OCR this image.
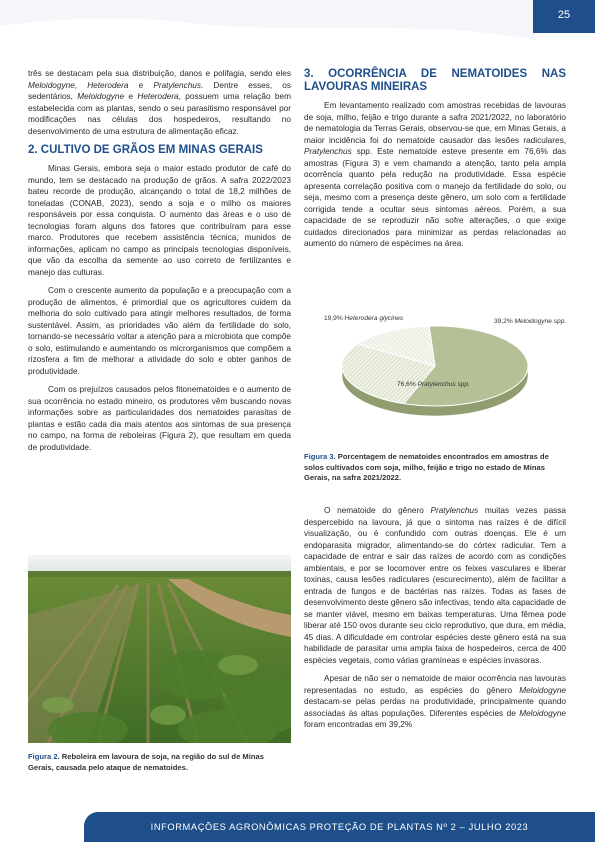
25

três se destacam pela sua distribuição, danos e polifagia, sendo eles Meloidogyne, Heterodera e Pratylenchus. Dentre esses, os sedentários, Meloidogyne e Heterodera, possuem uma relação bem estabelecida com as plantas, sendo o seu parasitismo responsável por modificações nas células dos hospedeiros, resultando no desenvolvimento de uma estrutura de alimentação eficaz.

2. CULTIVO DE GRÃOS EM MINAS GERAIS

Minas Gerais, embora seja o maior estado produtor de café do mundo, tem se destacado na produção de grãos. A safra 2022/2023 bateu recorde de produção, alcançando o total de 18,2 milhões de toneladas (CONAB, 2023), sendo a soja e o milho os maiores responsáveis por essa conquista. O aumento das áreas e o uso de tecnologias foram alguns dos fatores que contribuíram para esse marco. Produtores que recebem assistência técnica, munidos de informações, aplicam no campo as principais tecnologias disponíveis, que vão da escolha da semente ao uso correto de fertilizantes e manejo das culturas.

Com o crescente aumento da população e a preocupação com a produção de alimentos, é primordial que os agricultores cuidem da melhoria do solo cultivado para atingir melhores resultados, de forma sustentável. Assim, as prioridades vão além da fertilidade do solo, tornando-se necessário voltar a atenção para a microbiota que compõe o solo, estimulando e aumentando os microrganismos que compõem a rizosfera a fim de melhorar a atividade do solo e obter ganhos de produtividade.

Com os prejuízos causados pelos fitonematoides e o aumento de sua ocorrência no estado mineiro, os produtores vêm buscando novas informações sobre as particularidades dos nematoides parasitas de plantas e estão cada dia mais atentos aos sintomas de sua presença no campo, na forma de reboleiras (Figura 2), que resultam em queda de produtividade.

Figura 2. Reboleira em lavoura de soja, na região do sul de Minas Gerais, causada pelo ataque de nematoides.
3. OCORRÊNCIA DE NEMATOIDES NAS LAVOURAS MINEIRAS

Em levantamento realizado com amostras recebidas de lavouras de soja, milho, feijão e trigo durante a safra 2021/2022, no laboratório de nematologia da Terras Gerais, observou-se que, em Minas Gerais, a maior incidência foi do nematoide causador das lesões radiculares, Pratylenchus spp. Este nematoide esteve presente em 76,6% das amostras (Figura 3) e vem chamando a atenção, tanto pela ampla ocorrência quanto pela redução na produtividade. Essa espécie apresenta correlação positiva com o manejo da fertilidade do solo, ou seja, mesmo com a presença deste gênero, um solo com a fertilidade corrigida tende a ocultar seus sintomas aéreos. Porém, a sua capacidade de se reproduzir não sofre alterações, o que exige cuidados direcionados para minimizar as perdas relacionadas ao aumento do número de espécimes na área.

76,6% Pratylenchus spp.
39,2% Meloidogyne spp.
19,9% Heterodera glycines
Figura 3. Porcentagem de nematoides encontrados em amostras de solos cultivados com soja, milho, feijão e trigo no estado de Minas Gerais, na safra 2021/2022.

O nematoide do gênero Pratylenchus muitas vezes passa despercebido na lavoura, já que o sintoma nas raízes é de difícil visualização, ou é confundido com outras doenças. Ele é um endoparasita migrador, alimentando-se do córtex radicular. Tem a capacidade de entrar e sair das raízes de acordo com as condições ambientais, e por se locomover entre os feixes vasculares e liberar toxinas, causa lesões radiculares (escurecimento), além de facilitar a entrada de fungos e de bactérias nas raízes. Todas as fases de desenvolvimento deste gênero são infectivas, tendo alta capacidade de se manter viável, mesmo em baixas temperaturas. Uma fêmea pode liberar até 150 ovos durante seu ciclo reprodutivo, que dura, em média, 45 dias. A dificuldade em controlar espécies deste gênero está na sua habilidade de parasitar uma ampla faixa de hospedeiros, cerca de 400 espécies vegetais, como várias gramíneas e espécies invasoras.

Apesar de não ser o nematoide de maior ocorrência nas lavouras representadas no estudo, as espécies do gênero Meloidogyne destacam-se pelas perdas na produtividade, principalmente quando associadas às altas populações. Diferentes espécies de Meloidogyne foram encontradas em 39,2%

INFORMAÇÕES AGRONÔMICAS PROTEÇÃO DE PLANTAS Nº 2 – JULHO 2023
